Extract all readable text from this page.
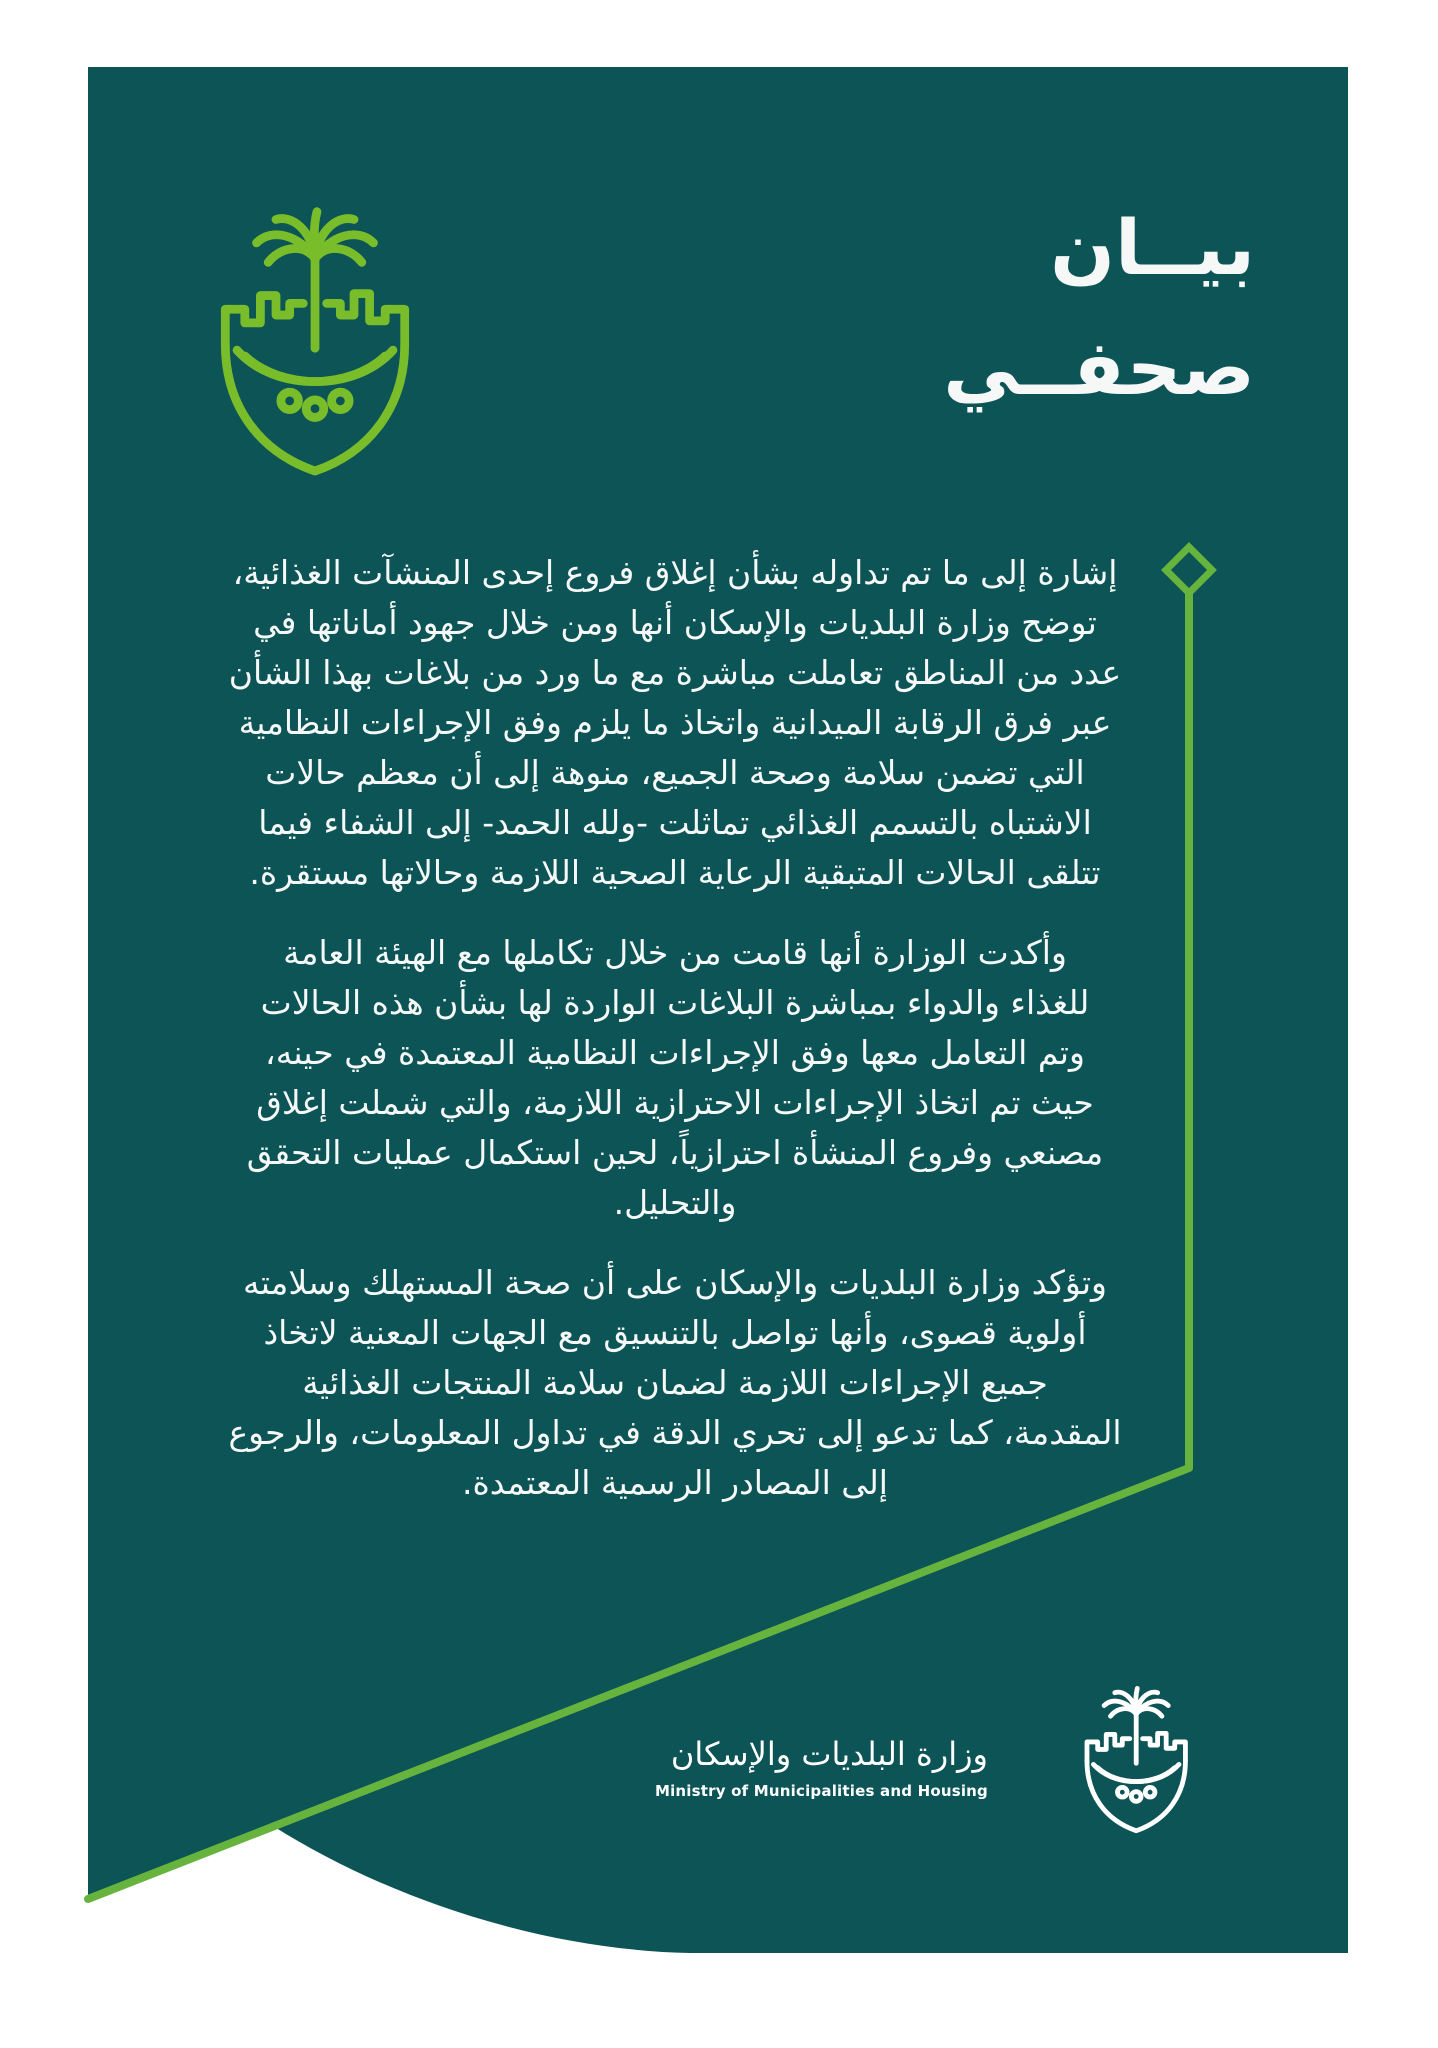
بيــان
صحفــي
إشارة إلى ما تم تداوله بشأن إغلاق فروع إحدى المنشآت الغذائية،
توضح وزارة البلديات والإسكان أنها ومن خلال جهود أماناتها في
عدد من المناطق تعاملت مباشرة مع ما ورد من بلاغات بهذا الشأن
عبر فرق الرقابة الميدانية واتخاذ ما يلزم وفق الإجراءات النظامية
التي تضمن سلامة وصحة الجميع، منوهة إلى أن معظم حالات
الاشتباه بالتسمم الغذائي تماثلت -ولله الحمد- إلى الشفاء فيما
تتلقى الحالات المتبقية الرعاية الصحية اللازمة وحالاتها مستقرة.
وأكدت الوزارة أنها قامت من خلال تكاملها مع الهيئة العامة
للغذاء والدواء بمباشرة البلاغات الواردة لها بشأن هذه الحالات
وتم التعامل معها وفق الإجراءات النظامية المعتمدة في حينه،
حيث تم اتخاذ الإجراءات الاحترازية اللازمة، والتي شملت إغلاق
مصنعي وفروع المنشأة احترازياً، لحين استكمال عمليات التحقق
والتحليل.
وتؤكد وزارة البلديات والإسكان على أن صحة المستهلك وسلامته
أولوية قصوى، وأنها تواصل بالتنسيق مع الجهات المعنية لاتخاذ
جميع الإجراءات اللازمة لضمان سلامة المنتجات الغذائية
المقدمة، كما تدعو إلى تحري الدقة في تداول المعلومات، والرجوع
إلى المصادر الرسمية المعتمدة.
وزارة البلديات والإسكان
Ministry of Municipalities and Housing
